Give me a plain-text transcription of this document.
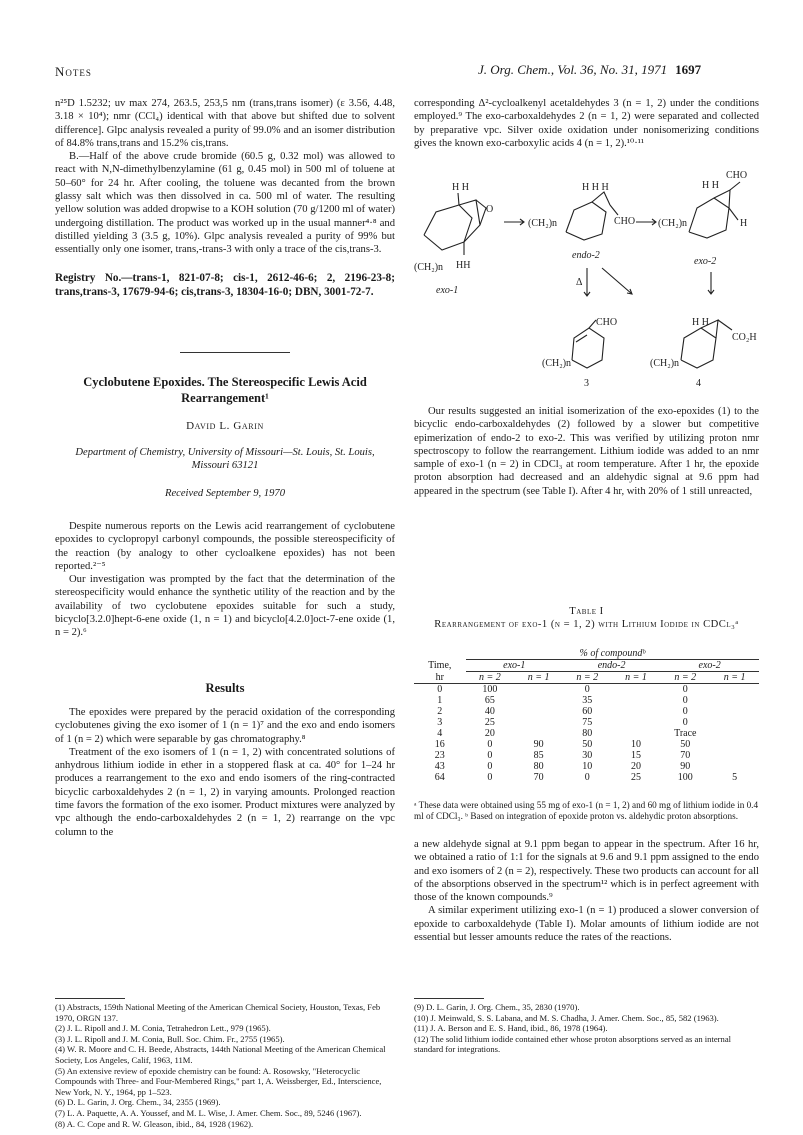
Notes	J. Org. Chem., Vol. 36, No. 31, 1971 1697

n²⁵D 1.5232; uv max 274, 263.5, 253,5 nm (trans,trans isomer) (ε 3.56, 4.48, 3.18 × 10⁴); nmr (CCl₄) identical with that above but shifted due to solvent difference]. Glpc analysis revealed a purity of 99.0% and an isomer distribution of 84.8% trans,trans and 15.2% cis,trans.

B.—Half of the above crude bromide (60.5 g, 0.32 mol) was allowed to react with N,N-dimethylbenzylamine (61 g, 0.45 mol) in 500 ml of toluene at 50–60° for 24 hr. After cooling, the toluene was decanted from the brown glassy salt which was then dissolved in ca. 500 ml of water. The resulting yellow solution was added dropwise to a KOH solution (70 g/1200 ml of water) undergoing distillation. The product was worked up in the usual manner⁴·⁸ and distilled yielding 3 (3.5 g, 10%). Glpc analysis revealed a purity of 99% but essentially only one isomer, trans,-trans-3 with only a trace of the cis,trans-3.

Registry No.—trans-1, 821-07-8; cis-1, 2612-46-6; 2, 2196-23-8; trans,trans-3, 17679-94-6; cis,trans-3, 18304-16-0; DBN, 3001-72-7.

Cyclobutene Epoxides. The Stereospecific Lewis Acid Rearrangement¹
David L. Garin
Department of Chemistry, University of Missouri—St. Louis, St. Louis, Missouri 63121
Received September 9, 1970

Despite numerous reports on the Lewis acid rearrangement of cyclobutene epoxides to cyclopropyl carbonyl compounds, the possible stereospecificity of the reaction (by analogy to other cycloalkene epoxides) has not been reported.²⁻⁵

Our investigation was prompted by the fact that the determination of the stereospecificity would enhance the synthetic utility of the reaction and by the availability of two cyclobutene epoxides suitable for such a study, bicyclo[3.2.0]hept-6-ene oxide (1, n = 1) and bicyclo[4.2.0]oct-7-ene oxide (1, n = 2).⁶

Results

The epoxides were prepared by the peracid oxidation of the corresponding cyclobutenes giving the exo isomer of 1 (n = 1)⁷ and the exo and endo isomers of 1 (n = 2) which were separable by gas chromatography.⁸

Treatment of the exo isomers of 1 (n = 1, 2) with concentrated solutions of anhydrous lithium iodide in ether in a stoppered flask at ca. 40° for 1–24 hr produces a rearrangement to the exo and endo isomers of the ring-contracted bicyclic carboxaldehydes 2 (n = 1, 2) in varying amounts. Prolonged reaction time favors the formation of the exo isomer. Product mixtures were analyzed by vpc although the endo-carboxaldehydes 2 (n = 1, 2) rearrange on the vpc column to the

(1) Abstracts, 159th National Meeting of the American Chemical Society, Houston, Texas, Feb 1970, ORGN 137.
(2) J. L. Ripoll and J. M. Conia, Tetrahedron Lett., 979 (1965).
(3) J. L. Ripoll and J. M. Conia, Bull. Soc. Chim. Fr., 2755 (1965).
(4) W. R. Moore and C. H. Beede, Abstracts, 144th National Meeting of the American Chemical Society, Los Angeles, Calif, 1963, 11M.
(5) An extensive review of epoxide chemistry can be found: A. Rosowsky, "Heterocyclic Compounds with Three- and Four-Membered Rings," part 1, A. Weissberger, Ed., Interscience, New York, N. Y., 1964, pp 1–523.
(6) D. L. Garin, J. Org. Chem., 34, 2355 (1969).
(7) L. A. Paquette, A. A. Youssef, and M. L. Wise, J. Amer. Chem. Soc., 89, 5246 (1967).
(8) A. C. Cope and R. W. Gleason, ibid., 84, 1928 (1962).

corresponding Δ²-cycloalkenyl acetaldehydes 3 (n = 1, 2) under the conditions employed.⁹ The exo-carboxaldehydes 2 (n = 1, 2) were separated and collected by preparative vpc. Silver oxide oxidation under nonisomerizing conditions gives the known exo-carboxylic acids 4 (n = 1, 2).¹⁰·¹¹

H H
O
(CH₂)n HH
exo-1
(CH₂)n
H H H
CHO
endo-2
(CH₂)n
H H
CHO
H
exo-2
Δ
CHO
(CH₂)n
3
H H
CO₂H
(CH₂)n
4

Our results suggested an initial isomerization of the exo-epoxides (1) to the bicyclic endo-carboxaldehydes (2) followed by a slower but competitive epimerization of endo-2 to exo-2. This was verified by utilizing proton nmr spectroscopy to follow the rearrangement. Lithium iodide was added to an nmr sample of exo-1 (n = 2) in CDCl₃ at room temperature. After 1 hr, the epoxide proton absorption had decreased and an aldehydic signal at 9.6 ppm had appeared in the spectrum (see Table I). After 4 hr, with 20% of 1 still unreacted,

Table I
Rearrangement of exo-1 (n = 1, 2) with Lithium Iodide in CDCl₃ᵃ
	% of compoundᵇ					
Time,	exo-1		endo-2		exo-2	
hr	n = 2	n = 1	n = 2	n = 1	n = 2	n = 1
0	100		0		0	
1	65		35		0	
2	40		60		0	
3	25		75		0	
4	20		80		Trace	
16	0	90	50	10	50	
23	0	85	30	15	70	
43	0	80	10	20	90	
64	0	70	0	25	100	5
ᵃ These data were obtained using 55 mg of exo-1 (n = 1, 2) and 60 mg of lithium iodide in 0.4 ml of CDCl₃. ᵇ Based on integration of epoxide proton vs. aldehydic proton absorptions.

a new aldehyde signal at 9.1 ppm began to appear in the spectrum. After 16 hr, we obtained a ratio of 1:1 for the signals at 9.6 and 9.1 ppm assigned to the endo and exo isomers of 2 (n = 2), respectively. These two products can account for all of the absorptions observed in the spectrum¹² which is in perfect agreement with those of the known compounds.⁹

A similar experiment utilizing exo-1 (n = 1) produced a slower conversion of epoxide to carboxaldehyde (Table I). Molar amounts of lithium iodide are not essential but lesser amounts reduce the rates of the reactions.

(9) D. L. Garin, J. Org. Chem., 35, 2830 (1970).
(10) J. Meinwald, S. S. Labana, and M. S. Chadha, J. Amer. Chem. Soc., 85, 582 (1963).
(11) J. A. Berson and E. S. Hand, ibid., 86, 1978 (1964).
(12) The solid lithium iodide contained ether whose proton absorptions served as an internal standard for integrations.
